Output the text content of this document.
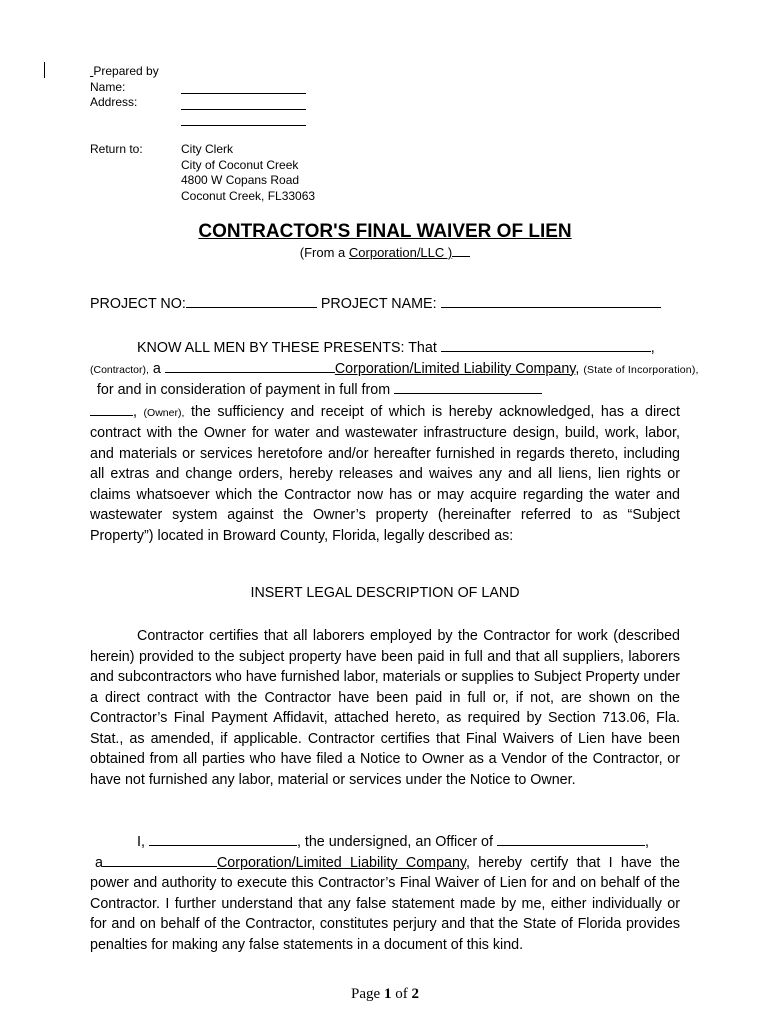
Prepared by
Name:
Address:
Return to:	City Clerk
City of Coconut Creek
4800 W Copans Road
Coconut Creek, FL33063
CONTRACTOR'S FINAL WAIVER OF LIEN
(From a Corporation/LLC )
PROJECT NO:	PROJECT NAME:
KNOW ALL MEN BY THESE PRESENTS: That	,
(Contractor), a	Corporation/Limited Liability Company, (State of Incorporation),
for and in consideration of payment in full from
, (Owner), the sufficiency and receipt of which is hereby acknowledged, has a direct contract with the Owner for water and wastewater infrastructure design, build, work, labor, and materials or services heretofore and/or hereafter furnished in regards thereto, including all extras and change orders, hereby releases and waives any and all liens, lien rights or claims whatsoever which the Contractor now has or may acquire regarding the water and wastewater system against the Owner’s property (hereinafter referred to as “Subject Property”) located in Broward County, Florida, legally described as:
INSERT LEGAL DESCRIPTION OF LAND
Contractor certifies that all laborers employed by the Contractor for work (described herein) provided to the subject property have been paid in full and that all suppliers, laborers and subcontractors who have furnished labor, materials or supplies to Subject Property under a direct contract with the Contractor have been paid in full or, if not, are shown on the Contractor’s Final Payment Affidavit, attached hereto, as required by Section 713.06, Fla. Stat., as amended, if applicable. Contractor certifies that Final Waivers of Lien have been obtained from all parties who have filed a Notice to Owner as a Vendor of the Contractor, or have not furnished any labor, material or services under the Notice to Owner.
I,	, the undersigned, an Officer of	,
a	Corporation/Limited Liability Company, hereby certify that I have the power and authority to execute this Contractor’s Final Waiver of Lien for and on behalf of the Contractor. I further understand that any false statement made by me, either individually or for and on behalf of the Contractor, constitutes perjury and that the State of Florida provides penalties for making any false statements in a document of this kind.
Page 1 of 2
